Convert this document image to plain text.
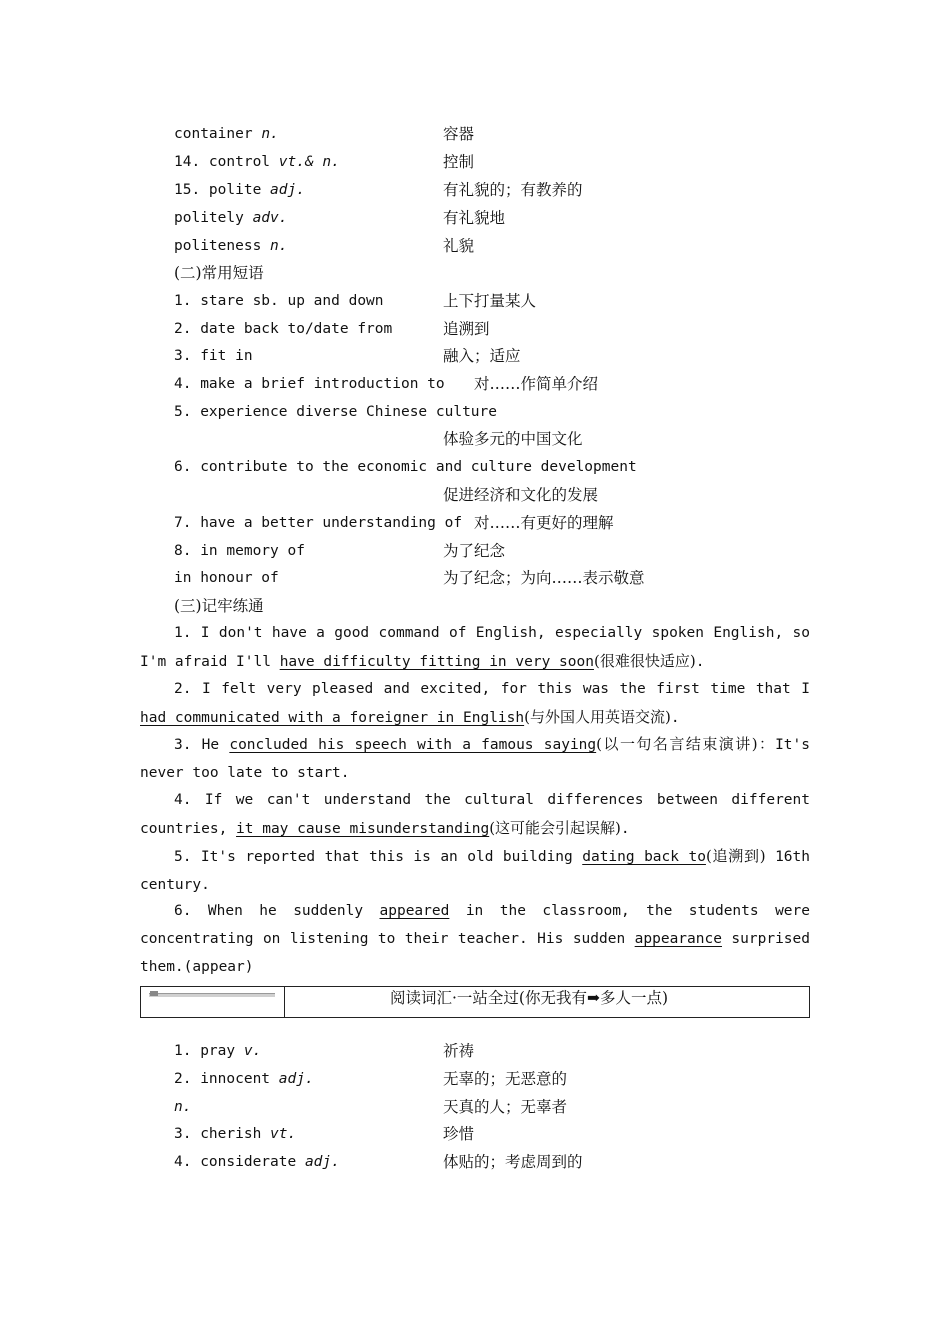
container n.	容器
14. control vt.& n.	控制
15. polite adj.	有礼貌的；有教养的
politely adv.	有礼貌地
politeness n.	礼貌
(二)常用短语
1. stare sb. up and down	上下打量某人
2. date back to/date from	追溯到
3. fit in	融入；适应
4. make a brief introduction to 对……作简单介绍
5. experience diverse Chinese culture
体验多元的中国文化
6. contribute to the economic and culture development
促进经济和文化的发展
7. have a better understanding of 对……有更好的理解
8. in memory of	为了纪念
in honour of	为了纪念；为向……表示敬意
(三)记牢练通
1. I don't have a good command of English, especially spoken English, so I'm afraid I'll have difficulty fitting in very soon(很难很快适应).
2. I felt very pleased and excited, for this was the first time that I had communicated with a foreigner in English(与外国人用英语交流).
3. He concluded his speech with a famous saying(以一句名言结束演讲)：It's never too late to start.
4. If we can't understand the cultural differences between different countries, it may cause misunderstanding(这可能会引起误解).
5. It's reported that this is an old building dating back to(追溯到) 16th century.
6. When he suddenly appeared in the classroom, the students were concentrating on listening to their teacher. His sudden appearance surprised them.(appear)
阅读词汇·一站全过(你无我有➡多人一点)
1. pray v.	祈祷
2. innocent adj.	无辜的；无恶意的
n.	天真的人；无辜者
3. cherish vt.	珍惜
4. considerate adj.	体贴的；考虑周到的
